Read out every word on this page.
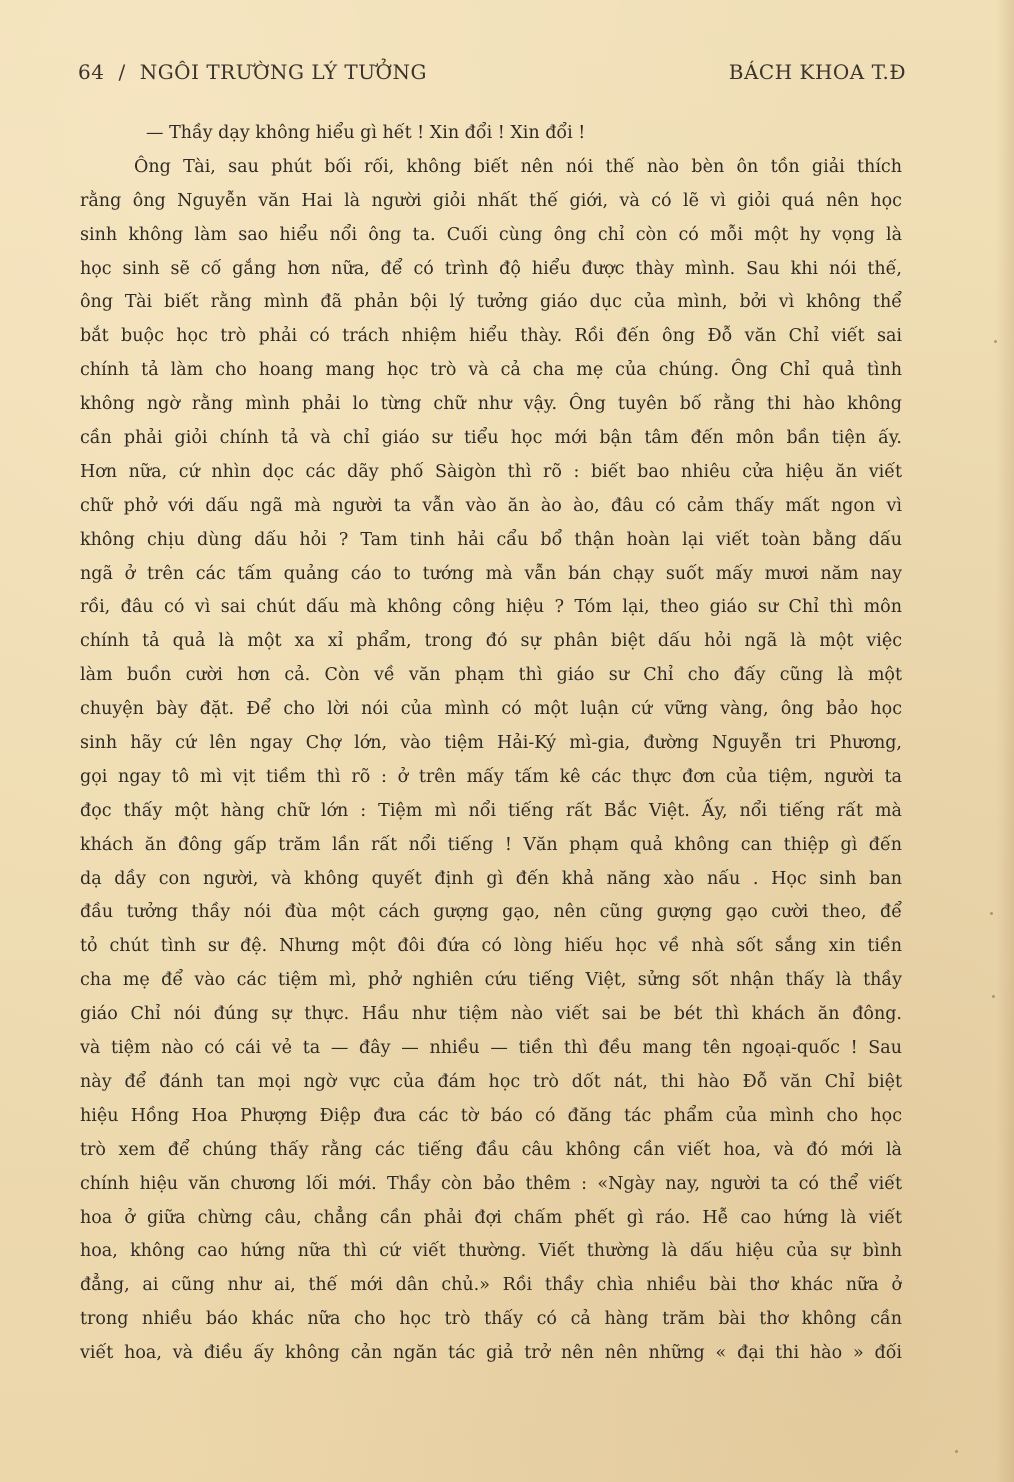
64 / NGÔI TRƯỜNG LÝ TƯỞNG	BÁCH KHOA T.Đ
— Thầy dạy không hiểu gì hết ! Xin đổi ! Xin đổi !
Ông Tài, sau phút bối rối, không biết nên nói thế nào bèn ôn tồn giải thích
rằng ông Nguyễn văn Hai là người giỏi nhất thế giới, và có lẽ vì giỏi quá nên học
sinh không làm sao hiểu nổi ông ta. Cuối cùng ông chỉ còn có mỗi một hy vọng là
học sinh sẽ cố gắng hơn nữa, để có trình độ hiểu được thày mình. Sau khi nói thế,
ông Tài biết rằng mình đã phản bội lý tưởng giáo dục của mình, bởi vì không thể
bắt buộc học trò phải có trách nhiệm hiểu thày. Rồi đến ông Đỗ văn Chỉ viết sai
chính tả làm cho hoang mang học trò và cả cha mẹ của chúng. Ông Chỉ quả tình
không ngờ rằng mình phải lo từng chữ như vậy. Ông tuyên bố rằng thi hào không
cần phải giỏi chính tả và chỉ giáo sư tiểu học mới bận tâm đến môn bần tiện ấy.
Hơn nữa, cứ nhìn dọc các dãy phố Sàigòn thì rõ : biết bao nhiêu cửa hiệu ăn viết
chữ phở với dấu ngã mà người ta vẫn vào ăn ào ào, đâu có cảm thấy mất ngon vì
không chịu dùng dấu hỏi ? Tam tinh hải cẩu bổ thận hoàn lại viết toàn bằng dấu
ngã ở trên các tấm quảng cáo to tướng mà vẫn bán chạy suốt mấy mươi năm nay
rồi, đâu có vì sai chút dấu mà không công hiệu ? Tóm lại, theo giáo sư Chỉ thì môn
chính tả quả là một xa xỉ phẩm, trong đó sự phân biệt dấu hỏi ngã là một việc
làm buồn cười hơn cả. Còn về văn phạm thì giáo sư Chỉ cho đấy cũng là một
chuyện bày đặt. Để cho lời nói của mình có một luận cứ vững vàng, ông bảo học
sinh hãy cứ lên ngay Chợ lớn, vào tiệm Hải-Ký mì-gia, đường Nguyễn tri Phương,
gọi ngay tô mì vịt tiềm thì rõ : ở trên mấy tấm kê các thực đơn của tiệm, người ta
đọc thấy một hàng chữ lớn : Tiệm mì nổi tiếng rất Bắc Việt. Ấy, nổi tiếng rất mà
khách ăn đông gấp trăm lần rất nổi tiếng ! Văn phạm quả không can thiệp gì đến
dạ dầy con người, và không quyết định gì đến khả năng xào nấu . Học sinh ban
đầu tưởng thầy nói đùa một cách gượng gạo, nên cũng gượng gạo cười theo, để
tỏ chút tình sư đệ. Nhưng một đôi đứa có lòng hiếu học về nhà sốt sắng xin tiền
cha mẹ để vào các tiệm mì, phở nghiên cứu tiếng Việt, sửng sốt nhận thấy là thầy
giáo Chỉ nói đúng sự thực. Hầu như tiệm nào viết sai be bét thì khách ăn đông.
và tiệm nào có cái vẻ ta — đây — nhiều — tiền thì đều mang tên ngoại-quốc ! Sau
này để đánh tan mọi ngờ vực của đám học trò dốt nát, thi hào Đỗ văn Chỉ biệt
hiệu Hồng Hoa Phượng Điệp đưa các tờ báo có đăng tác phẩm của mình cho học
trò xem để chúng thấy rằng các tiếng đầu câu không cần viết hoa, và đó mới là
chính hiệu văn chương lối mới. Thầy còn bảo thêm : «Ngày nay, người ta có thể viết
hoa ở giữa chừng câu, chẳng cần phải đợi chấm phết gì ráo. Hễ cao hứng là viết
hoa, không cao hứng nữa thì cứ viết thường. Viết thường là dấu hiệu của sự bình
đẳng, ai cũng như ai, thế mới dân chủ.» Rồi thầy chìa nhiều bài thơ khác nữa ở
trong nhiều báo khác nữa cho học trò thấy có cả hàng trăm bài thơ không cần
viết hoa, và điều ấy không cản ngăn tác giả trở nên nên những « đại thi hào » đối
